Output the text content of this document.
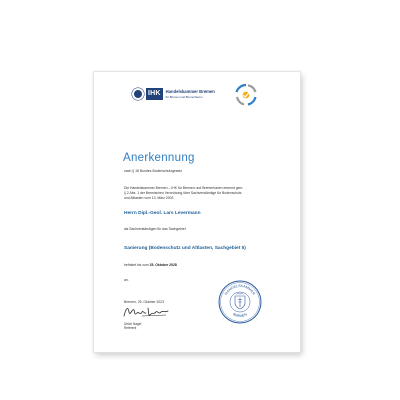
IHK	Handelskammer Bremen
für Bremen und Bremerhaven
Anerkennung
nach § 18 Bundes-Bodenschutzgesetz
Die Handelskammer Bremen – IHK für Bremen und Bremerhaven erkennt gem.
§ 2 Abs. 1 der Bremischen Verordnung über Sachverständige für Bodenschutz
und Altlasten vom 13. März 2003
Herrn Dipl.-Geol. Lars Levermann
als Sachverständigen für das Sachgebiet
Sanierung (Bodenschutz und Altlasten, Sachgebiet 5)
befristet bis zum 25. Oktober 2028
an.
Bremen, 25. Oktober 2023
Ulrich Nagel
Referent
HANDELSKAMMER
BREMEN
